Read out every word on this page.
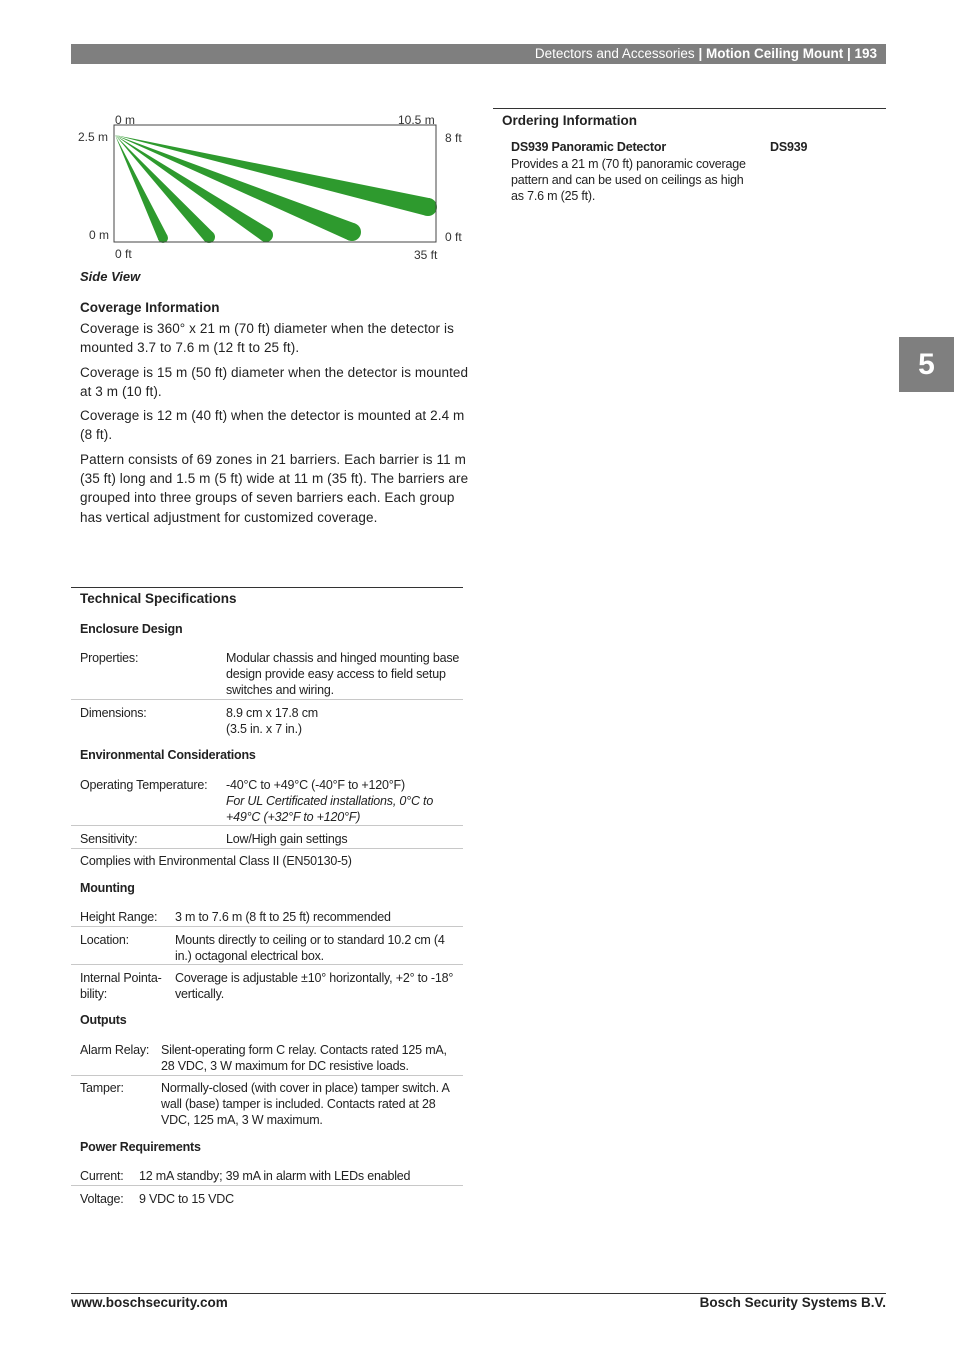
Detectors and Accessories | Motion Ceiling Mount | 193
5
0 m	10.5 m
2.5 m	8 ft
0 m	0 ft
0 ft	35 ft
Side View
Coverage Information

Coverage is 360° x 21 m (70 ft) diameter when the detector is mounted 3.7 to 7.6 m (12 ft to 25 ft).

Coverage is 15 m (50 ft) diameter when the detector is mounted at 3 m (10 ft).

Coverage is 12 m (40 ft) when the detector is mounted at 2.4 m (8 ft).

Pattern consists of 69 zones in 21 barriers. Each barrier is 11 m (35 ft) long and 1.5 m (5 ft) wide at 11 m (35 ft). The barriers are grouped into three groups of seven barriers each. Each group has vertical adjustment for customized coverage.

Technical Specifications
Enclosure Design
Properties:	Modular chassis and hinged mounting base design provide easy access to field setup switches and wiring.
Dimensions:	8.9 cm x 17.8 cm
(3.5 in. x 7 in.)
Environmental Considerations
Operating Temperature: -40°C to +49°C (-40°F to +120°F)
For UL Certificated installations, 0°C to +49°C (+32°F to +120°F)
Sensitivity:	Low/High gain settings
Complies with Environmental Class II (EN50130-5)
Mounting
Height Range: 3 m to 7.6 m (8 ft to 25 ft) recommended
Location:	Mounts directly to ceiling or to standard 10.2 cm (4 in.) octagonal electrical box.
Internal Pointa-bility:
Coverage is adjustable ±10° horizontally, +2° to -18° vertically.
Outputs
Alarm Relay: Silent-operating form C relay. Contacts rated 125 mA, 28 VDC, 3 W maximum for DC resistive loads.
Tamper:	Normally-closed (with cover in place) tamper switch. A wall (base) tamper is included. Contacts rated at 28 VDC, 125 mA, 3 W maximum.
Power Requirements
Current: 12 mA standby; 39 mA in alarm with LEDs enabled
Voltage: 9 VDC to 15 VDC
Ordering Information
DS939 Panoramic Detector	DS939
Provides a 21 m (70 ft) panoramic coverage pattern and can be used on ceilings as high as 7.6 m (25 ft).
www.boschsecurity.com	Bosch Security Systems B.V.
